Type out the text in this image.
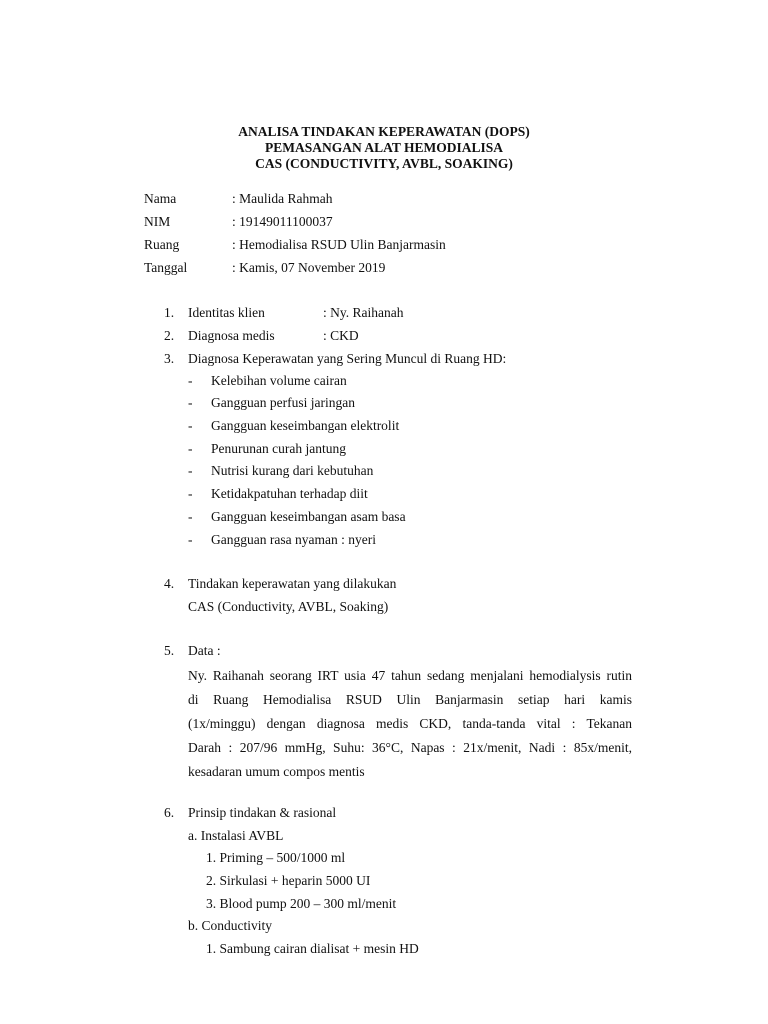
ANALISA TINDAKAN KEPERAWATAN (DOPS)
PEMASANGAN ALAT HEMODIALISA
CAS (CONDUCTIVITY, AVBL, SOAKING)
Nama	: Maulida Rahmah
NIM	: 19149011100037
Ruang	: Hemodialisa RSUD Ulin Banjarmasin
Tanggal	: Kamis, 07 November 2019
1. Identitas klien	: Ny. Raihanah
2. Diagnosa medis	: CKD
3. Diagnosa Keperawatan yang Sering Muncul di Ruang HD:
- Kelebihan volume cairan
- Gangguan perfusi jaringan
- Gangguan keseimbangan elektrolit
- Penurunan curah jantung
- Nutrisi kurang dari kebutuhan
- Ketidakpatuhan terhadap diit
- Gangguan keseimbangan asam basa
- Gangguan rasa nyaman : nyeri
4. Tindakan keperawatan yang dilakukan
CAS (Conductivity, AVBL, Soaking)
5. Data :
Ny. Raihanah seorang IRT usia 47 tahun sedang menjalani hemodialysis rutin
di Ruang Hemodialisa RSUD Ulin Banjarmasin setiap hari kamis
(1x/minggu) dengan diagnosa medis CKD, tanda-tanda vital : Tekanan
Darah : 207/96 mmHg, Suhu: 36°C, Napas : 21x/menit, Nadi : 85x/menit,
kesadaran umum compos mentis
6. Prinsip tindakan & rasional
a. Instalasi AVBL
1. Priming – 500/1000 ml
2. Sirkulasi + heparin 5000 UI
3. Blood pump 200 – 300 ml/menit
b. Conductivity
1. Sambung cairan dialisat + mesin HD
